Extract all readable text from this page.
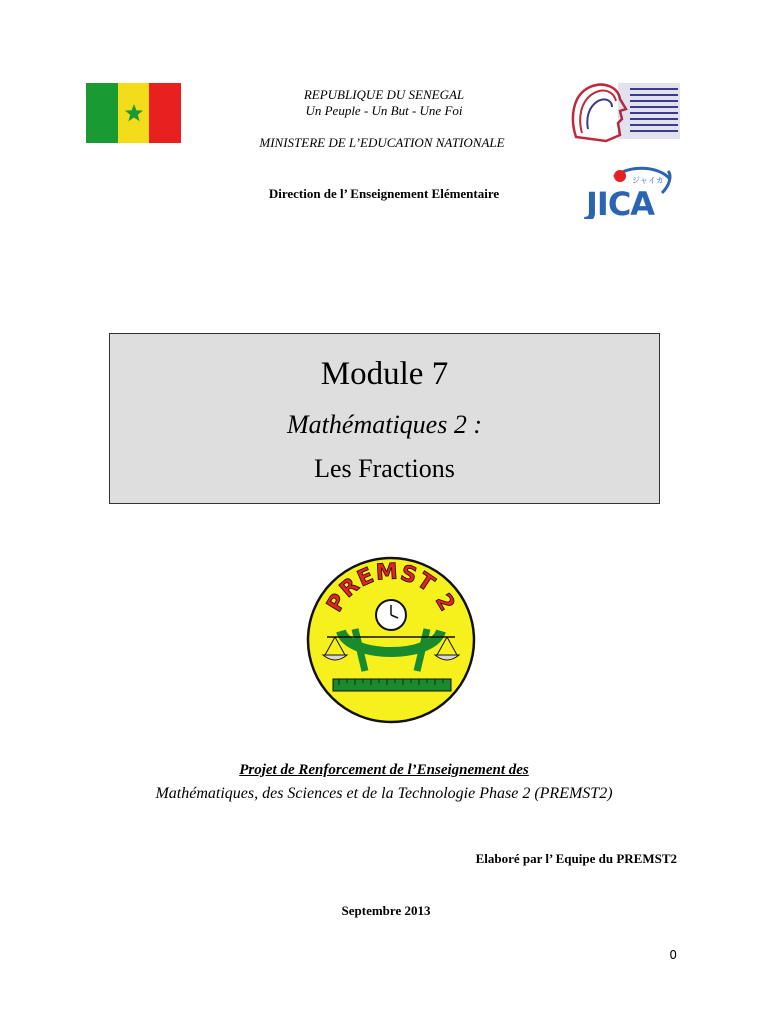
REPUBLIQUE DU SENEGAL
Un Peuple - Un But - Une Foi
MINISTERE DE L’EDUCATION NATIONALE
Direction de l’ Enseignement Elémentaire
ジャイカ
JICA
Module 7
Mathématiques 2 :
Les Fractions
PREMST 2
Projet de Renforcement de l’Enseignement des
Mathématiques, des Sciences et de la Technologie Phase 2 (PREMST2)
Elaboré par l’ Equipe du PREMST2
Septembre 2013
0
